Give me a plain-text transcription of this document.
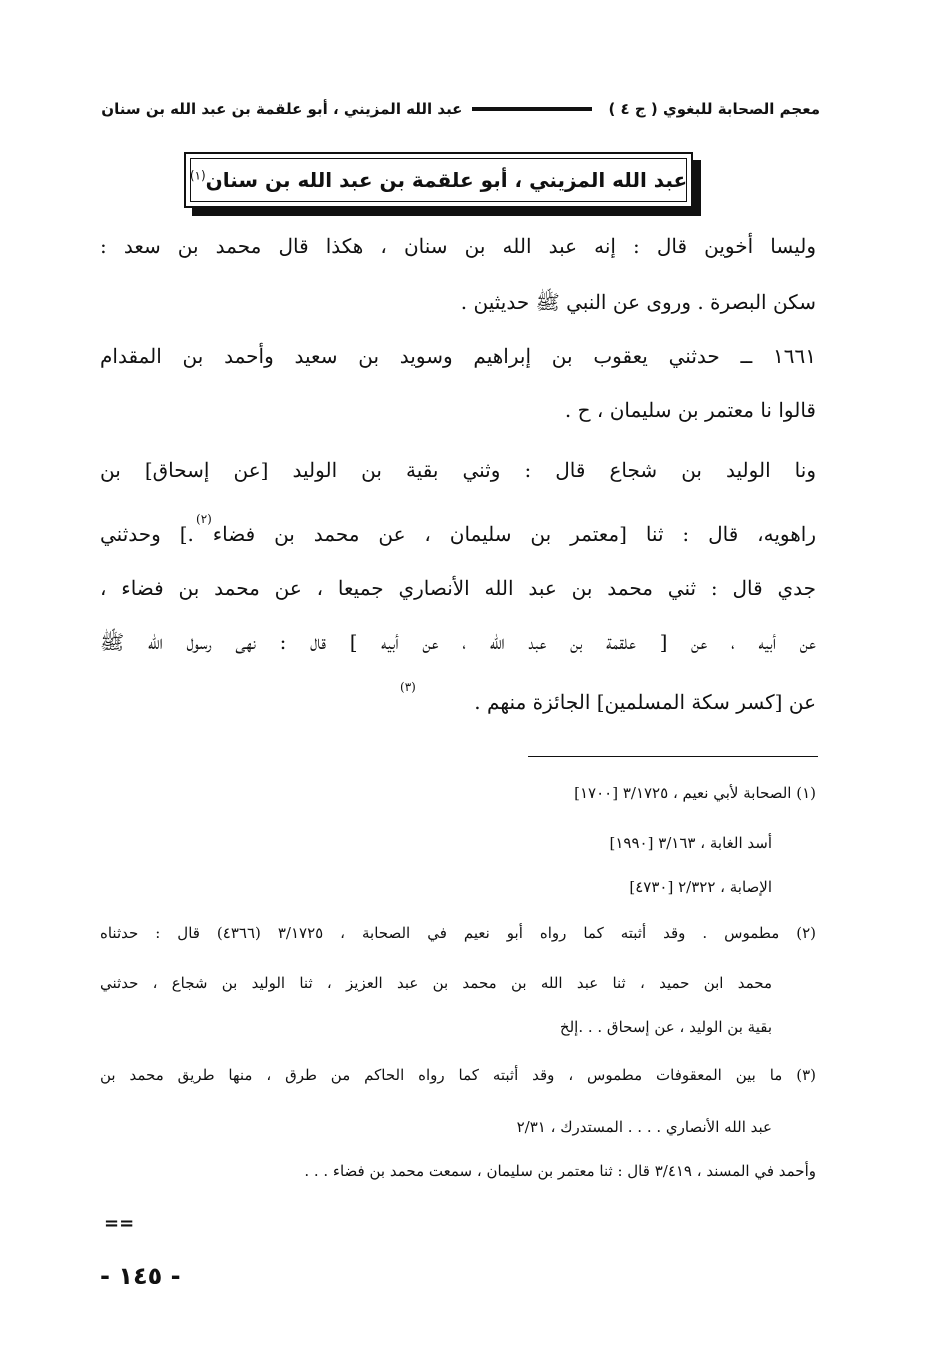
معجم الصحابة للبغوي ( ج ٤ )
عبد الله المزيني ، أبو علقمة بن عبد الله بن سنان
عبد الله المزيني ، أبو علقمة بن عبد الله بن سنان$^{(١)}$
وليسا أخوين قال : إنه عبد الله بن سنان ، هكذا قال محمد بن سعد :
سكن البصرة . وروى عن النبي ﷺ حديثين .
١٦٦١ ــ حدثني يعقوب بن إبراهيم وسويد بن سعيد وأحمد بن المقدام
قالوا نا معتمر بن سليمان ، ح .
ونا الوليد بن شجاع قال : وثني بقية بن الوليد [عن إسحاق] بن
راهويه، قال : ثنا [معتمر بن سليمان ، عن محمد بن فضاء .] وحدثني
(٢)
جدي قال : ثني محمد بن عبد الله الأنصاري جميعا ، عن محمد بن فضاء ،
عن أبيه ، عن [ علقمة بن عبد الله ، عن أبيه ] قال : نهى رسول الله ﷺ
عن [كسر سكة المسلمين] الجائزة منهم .
(٣)
(١) الصحابة لأبي نعيم ، ٣/١٧٢٥ [١٧٠٠]
أسد الغابة ، ٣/١٦٣ [١٩٩٠]
الإصابة ، ٢/٣٢٢ [٤٧٣٠]
(٢) مطموس . وقد أثبته كما رواه أبو نعيم في الصحابة ، ٣/١٧٢٥ (٤٣٦٦) قال : حدثناه
محمد ابن حميد ، ثنا عبد الله بن محمد بن عبد العزيز ، ثنا الوليد بن شجاع ، حدثني
بقية بن الوليد ، عن إسحاق . . .إلخ
(٣) ما بين المعقوفات مطموس ، وقد أثبته كما رواه الحاكم من طرق ، منها طريق محمد بن
عبد الله الأنصاري . . . . المستدرك ، ٢/٣١
وأحمد في المسند ، ٣/٤١٩ قال : ثنا معتمر بن سليمان ، سمعت محمد بن فضاء . . .
==
- ١٤٥ -
